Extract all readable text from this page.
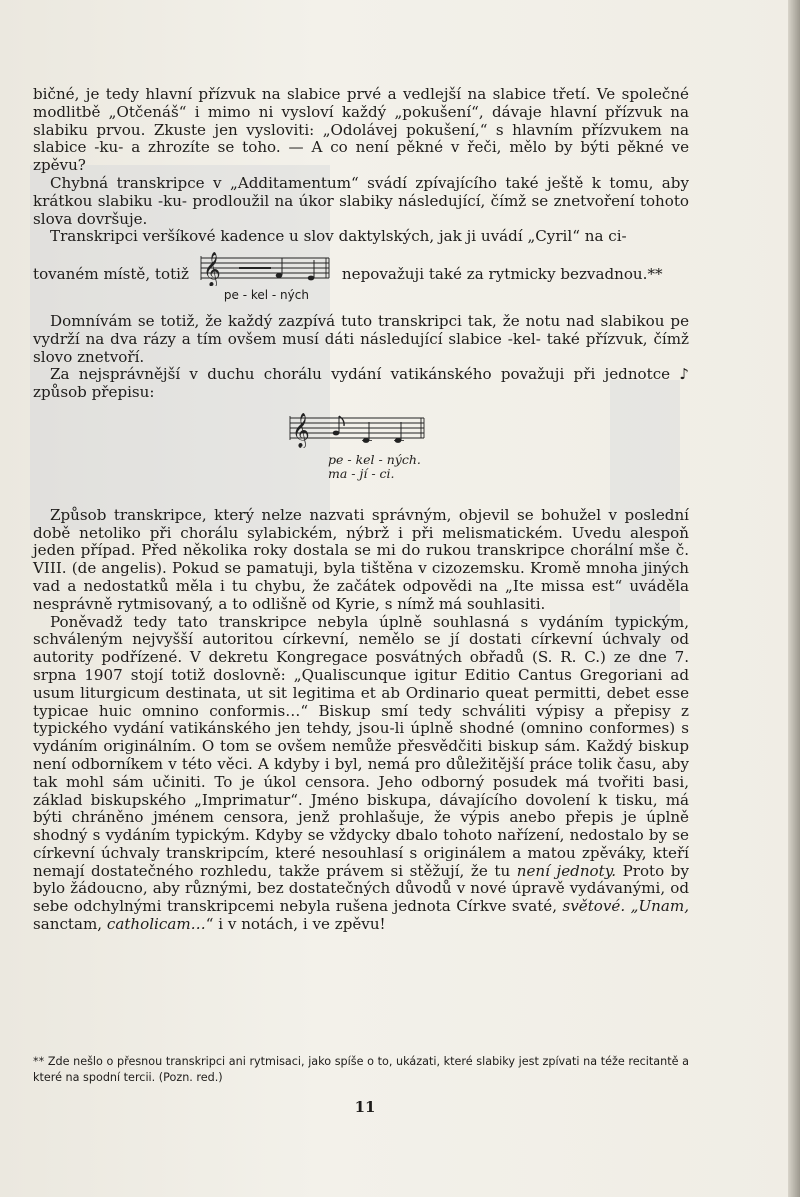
bičné, je tedy hlavní přízvuk na slabice prvé a vedlejší na slabice třetí. Ve společné modlitbě „Otčenáš“ i mimo ni vysloví každý „pokušení“, dávaje hlavní přízvuk na slabiku prvou. Zkuste jen vysloviti: „Odolávej pokušení,“ s hlavním přízvukem na slabice -ku- a zhrozíte se toho. — A co není pěkné v řeči, mělo by býti pěkné ve zpěvu?

Chybná transkripce v „Additamentum“ svádí zpívajícího také ještě k tomu, aby krátkou slabiku -ku- prodloužil na úkor slabiky následující, čímž se znetvoření tohoto slova dovršuje.

Transkripci veršíkové kadence u slov daktylských, jak ji uvádí „Cyril“ na ci-

tovaném místě, totiž 𝄞
pe - kel - ných
nepovažuji také za rytmicky bezvadnou.**

Domnívám se totiž, že každý zazpívá tuto transkripci tak, že notu nad slabikou pe vydrží na dva rázy a tím ovšem musí dáti následující slabice -kel- také přízvuk, čímž slovo znetvoří.

Za nejsprávnější v duchu chorálu vydání vatikánského považuji při jednotce ♪ způsob přepisu:

𝄞
pe - kel - ných.
ma - jí - ci.

Způsob transkripce, který nelze nazvati správným, objevil se bohužel v poslední době netoliko při chorálu sylabickém, nýbrž i při melismatickém. Uvedu alespoň jeden případ. Před několika roky dostala se mi do rukou transkripce chorální mše č. VIII. (de angelis). Pokud se pamatuji, byla tištěna v cizozemsku. Kromě mnoha jiných vad a nedostatků měla i tu chybu, že začátek odpovědi na „Ite missa est“ uváděla nesprávně rytmisovaný, a to odlišně od Kyrie, s nímž má souhlasiti.

Poněvadž tedy tato transkripce nebyla úplně souhlasná s vydáním typickým, schváleným nejvyšší autoritou církevní, nemělo se jí dostati církevní úchvaly od autority podřízené. V dekretu Kongregace posvátných obřadů (S. R. C.) ze dne 7. srpna 1907 stojí totiž doslovně: „Qualiscunque igitur Editio Cantus Gregoriani ad usum liturgicum destinata, ut sit legitima et ab Ordinario queat permitti, debet esse typicae huic omnino conformis…“ Biskup smí tedy schváliti výpisy a přepisy z typického vydání vatikánského jen tehdy, jsou-li úplně shodné (omnino conformes) s vydáním originálním. O tom se ovšem nemůže přesvědčiti biskup sám. Každý biskup není odborníkem v této věci. A kdyby i byl, nemá pro důležitější práce tolik času, aby tak mohl sám učiniti. To je úkol censora. Jeho odborný posudek má tvořiti basi, základ biskupského „Imprimatur“. Jméno biskupa, dávajícího dovolení k tisku, má býti chráněno jménem censora, jenž prohlašuje, že výpis anebo přepis je úplně shodný s vydáním typickým. Kdyby se vždycky dbalo tohoto nařízení, nedostalo by se církevní úchvaly transkripcím, které nesouhlasí s originálem a matou zpěváky, kteří nemají dostatečného rozhledu, takže právem si stěžují, že tu není jednoty. Proto by bylo žádoucno, aby různými, bez dostatečných důvodů v nové úpravě vydávanými, od sebe odchylnými transkripcemi nebyla rušena jednota Církve svaté, světové. „Unam, sanctam, catholicam…“ i v notách, i ve zpěvu!

** Zde nešlo o přesnou transkripci ani rytmisaci, jako spíše o to, ukázati, které slabiky jest zpívati na téže recitantě a které na spodní tercii. (Pozn. red.)
11
